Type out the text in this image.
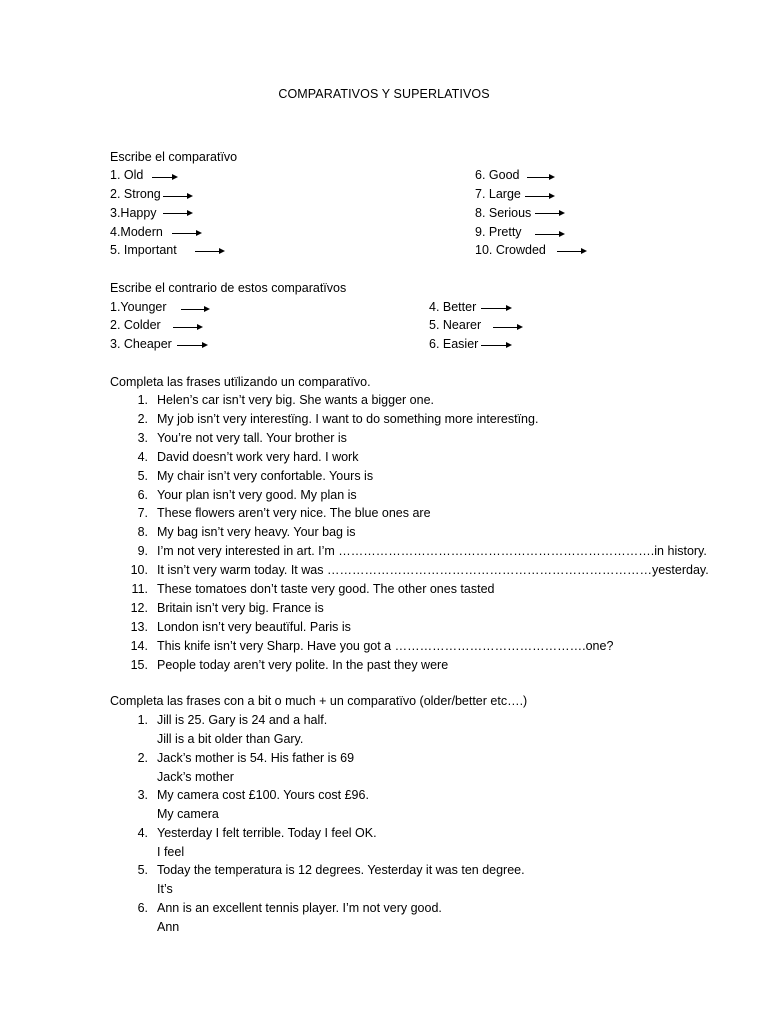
COMPARATIVOS Y SUPERLATIVOS
Escribe el comparatïvo
1. Old
2. Strong
3.Happy
4.Modern
5. Important
6. Good
7. Large
8. Serious
9. Pretty
10. Crowded
Escribe el contrario de estos comparatïvos
1.Younger
2. Colder
3. Cheaper
4. Better
5. Nearer
6. Easier
Completa las frases utïlizando un comparatïvo.
1. Helen’s car isn’t very big. She wants a bigger one.
2. My job isn’t very interestïng. I want to do something more interestïng.
3. You’re not very tall. Your brother is
4. David doesn’t work very hard. I work
5. My chair isn’t very confortable. Yours is
6. Your plan isn’t very good. My plan is
7. These flowers aren’t very nice. The blue ones are
8. My bag isn’t very heavy. Your bag is
9. I’m not very interested in art. I’m ………………………………………………………………….in history.
10. It isn’t very warm today. It was ……………………………………………………………………yesterday.
11. These tomatoes don’t taste very good. The other ones tasted
12. Britain isn’t very big. France is
13. London isn’t very beautïful. Paris is
14. This knife isn’t very Sharp. Have you got a ……………………………………….one?
15. People today aren’t very polite. In the past they were
Completa las frases con a bit o much + un comparatïvo (older/better etc….)
1. Jill is 25. Gary is 24 and a half.
Jill is a bit older than Gary.
2. Jack’s mother is 54. His father is 69
Jack’s mother
3. My camera cost £100. Yours cost £96.
My camera
4. Yesterday I felt terrible. Today I feel OK.
I feel
5. Today the temperatura is 12 degrees. Yesterday it was ten degree.
It’s
6. Ann is an excellent tennis player. I’m not very good.
Ann
